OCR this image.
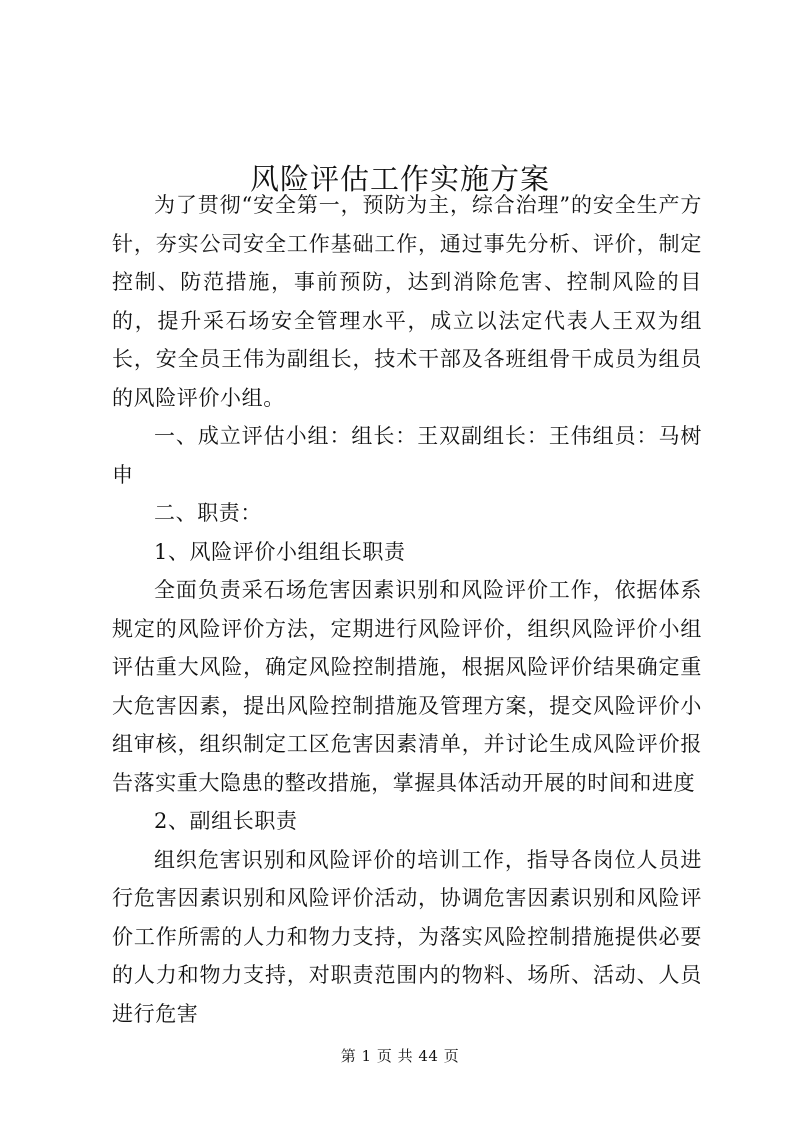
风险评估工作实施方案

为了贯彻“安全第一，预防为主，综合治理”的安全生产方针，夯实公司安全工作基础工作，通过事先分析、评价，制定控制、防范措施，事前预防，达到消除危害、控制风险的目的，提升采石场安全管理水平，成立以法定代表人王双为组长，安全员王伟为副组长，技术干部及各班组骨干成员为组员的风险评价小组。

一、成立评估小组：组长：王双副组长：王伟组员：马树申

二、职责：

1、风险评价小组组长职责

全面负责采石场危害因素识别和风险评价工作，依据体系规定的风险评价方法，定期进行风险评价，组织风险评价小组评估重大风险，确定风险控制措施，根据风险评价结果确定重大危害因素，提出风险控制措施及管理方案，提交风险评价小组审核，组织制定工区危害因素清单，并讨论生成风险评价报告落实重大隐患的整改措施，掌握具体活动开展的时间和进度

2、副组长职责

组织危害识别和风险评价的培训工作，指导各岗位人员进行危害因素识别和风险评价活动，协调危害因素识别和风险评价工作所需的人力和物力支持，为落实风险控制措施提供必要的人力和物力支持，对职责范围内的物料、场所、活动、人员进行危害

第 1 页 共 44 页
